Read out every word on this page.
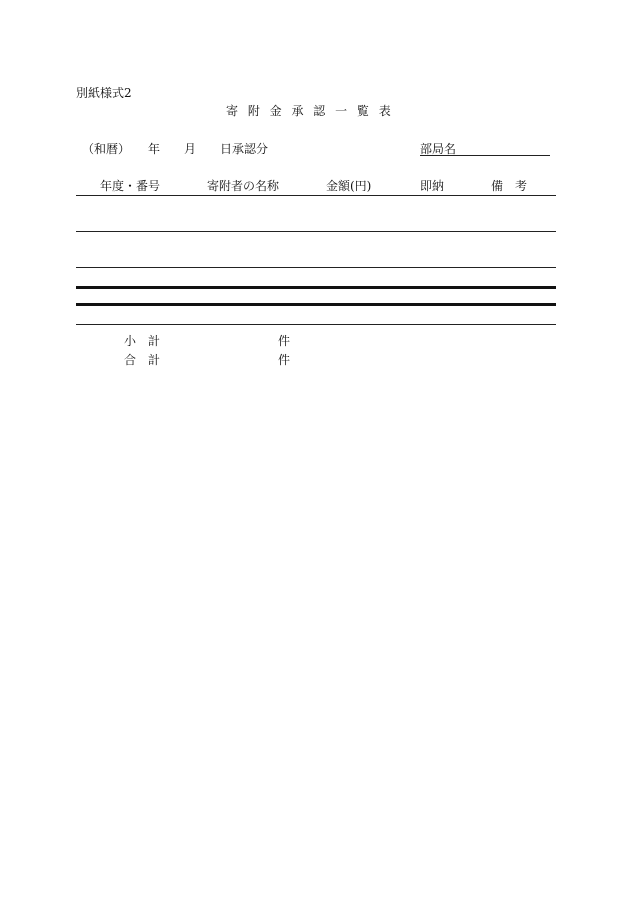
別紙様式2
寄 附 金 承 認 一 覧 表
（和暦） 年 月 日承認分	部局名
年度・番号	寄附者の名称	金額(円)	即納	備　考
小　計	件
合　計	件
